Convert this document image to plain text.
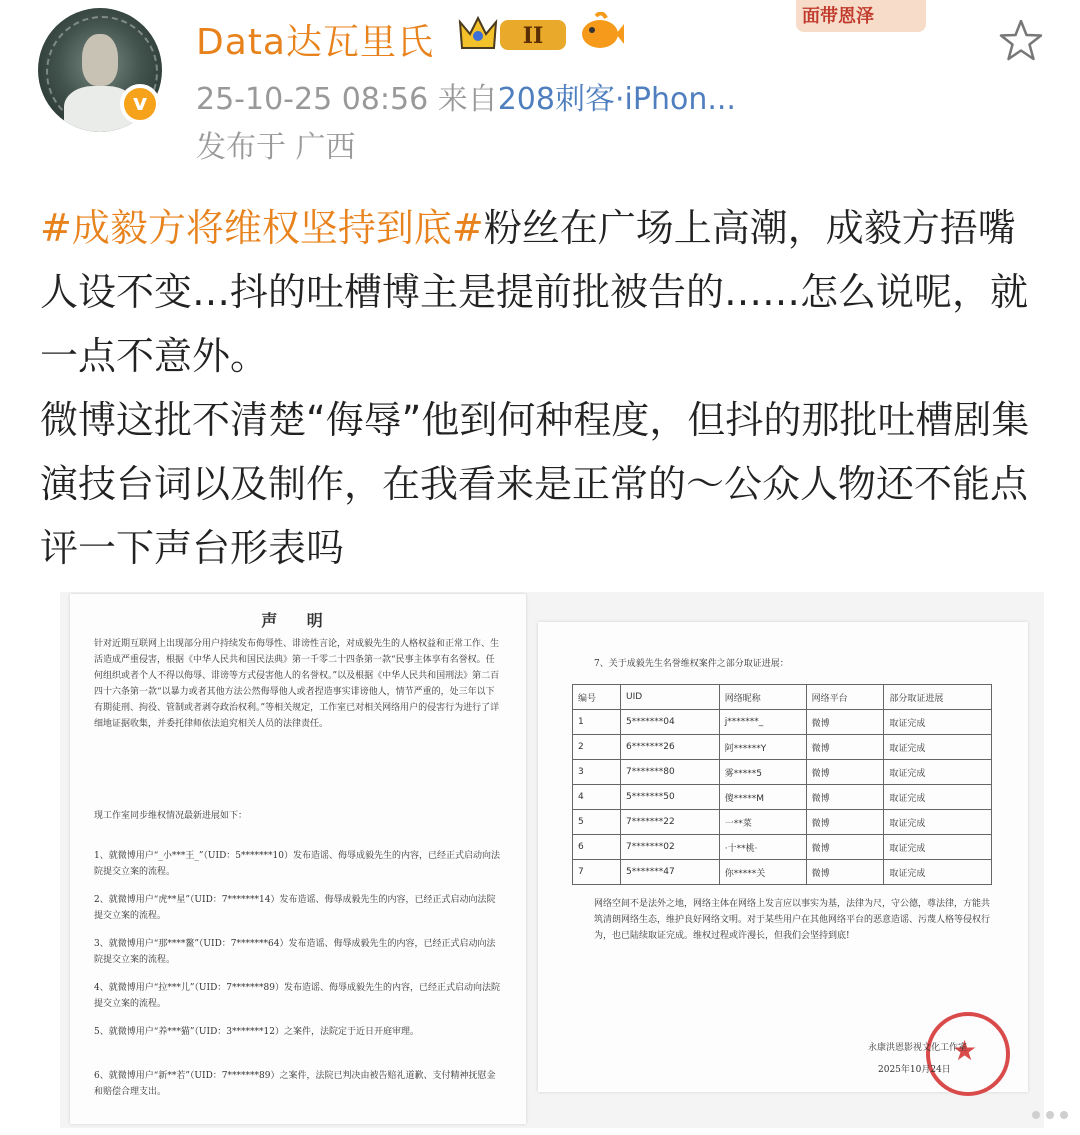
v
Data达瓦里氏	II
面带恩泽
25-10-25 08:56 来自208刺客·iPhon...
发布于 广西

#成毅方将维权坚持到底#粉丝在广场上高潮，成毅方捂嘴人设不变…抖的吐槽博主是提前批被告的……怎么说呢，就一点不意外。

微博这批不清楚“侮辱”他到何种程度，但抖的那批吐槽剧集演技台词以及制作，在我看来是正常的～公众人物还不能点评一下声台形表吗

声 明
针对近期互联网上出现部分用户持续发布侮辱性、诽谤性言论，对成毅先生的人格权益和正常工作、生活造成严重侵害，根据《中华人民共和国民法典》第一千零二十四条第一款“民事主体享有名誉权。任何组织或者个人不得以侮辱、诽谤等方式侵害他人的名誉权。”以及根据《中华人民共和国刑法》第二百四十六条第一款“以暴力或者其他方法公然侮辱他人或者捏造事实诽谤他人，情节严重的，处三年以下有期徒刑、拘役、管制或者剥夺政治权利。”等相关规定，工作室已对相关网络用户的侵害行为进行了详细地证据收集，并委托律师依法追究相关人员的法律责任。
现工作室同步维权情况最新进展如下：
1、就微博用户“_小***王_”（UID：5*******10）发布造谣、侮辱成毅先生的内容，已经正式启动向法院提交立案的流程。
2、就微博用户“虎**星”（UID：7*******14）发布造谣、侮辱成毅先生的内容，已经正式启动向法院提交立案的流程。
3、就微博用户“那****鳌”（UID：7*******64）发布造谣、侮辱成毅先生的内容，已经正式启动向法院提交立案的流程。
4、就微博用户“拉***儿”（UID：7*******89）发布造谣、侮辱成毅先生的内容，已经正式启动向法院提交立案的流程。
5、就微博用户“养***猫”（UID：3*******12）之案件，法院定于近日开庭审理。
6、就微博用户“新**若”（UID：7*******89）之案件，法院已判决由被告赔礼道歉、支付精神抚慰金和赔偿合理支出。
7、关于成毅先生名誉维权案件之部分取证进展：
编号	UID	网络昵称	网络平台	部分取证进展
1	5*******04	j*******_	微博	取证完成
2	6*******26	阿******Y	微博	取证完成
3	7*******80	雾*****5	微博	取证完成
4	5*******50	傻*****M	微博	取证完成
5	7*******22	一**菜	微博	取证完成
6	7*******02	·十**桃·	微博	取证完成
7	5*******47	你*****关	微博	取证完成
网络空间不是法外之地，网络主体在网络上发言应以事实为基，法律为尺，守公德，尊法律，方能共筑清朗网络生态，维护良好网络文明。对于某些用户在其他网络平台的恶意造谣、污蔑人格等侵权行为，也已陆续取证完成。维权过程或许漫长，但我们会坚持到底!
★
永康洪恩影视文化工作室
2025年10月24日
